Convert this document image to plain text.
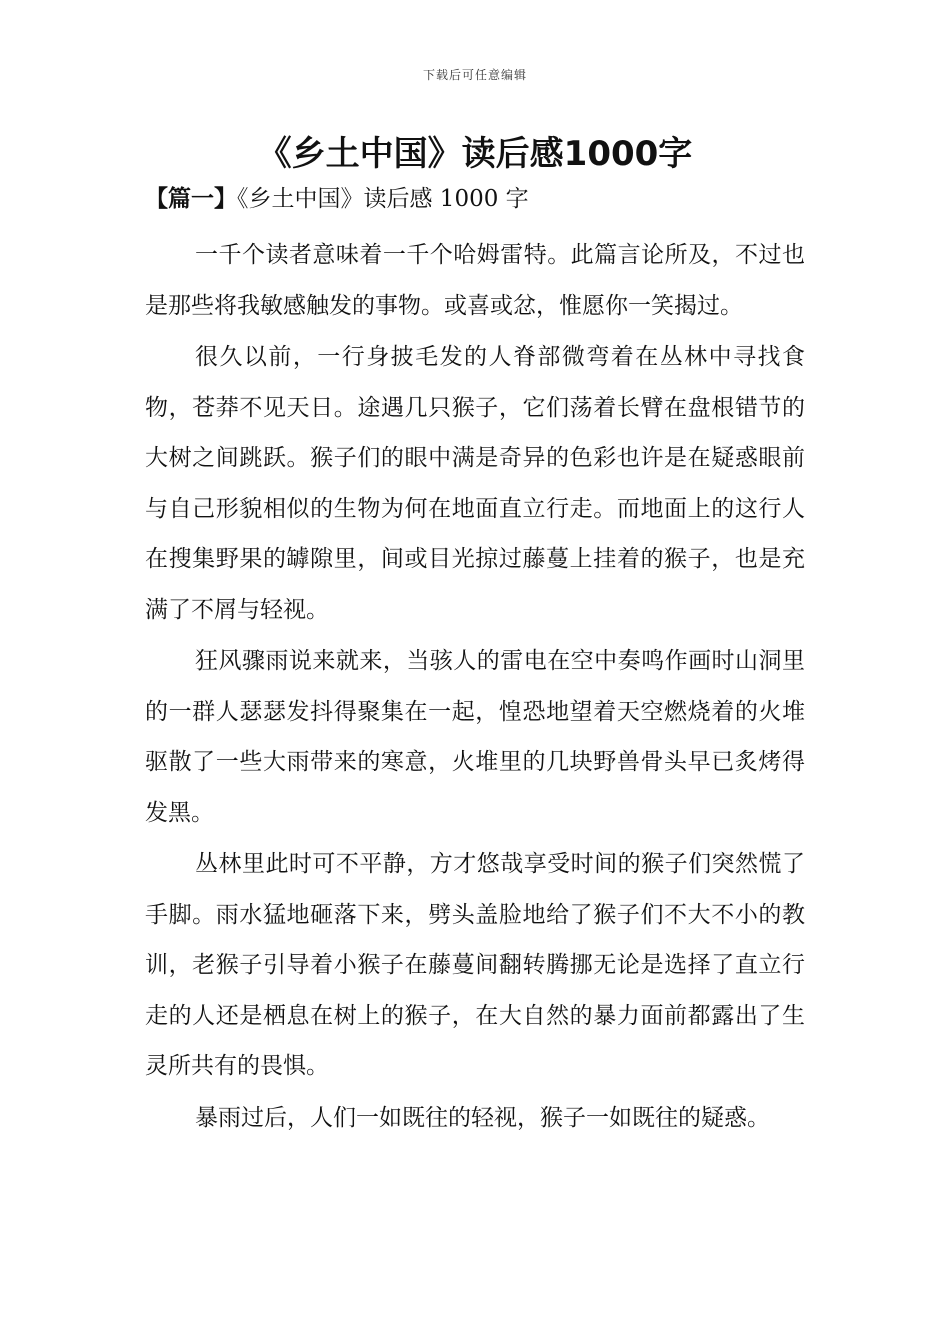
下载后可任意编辑
《乡土中国》读后感1000字

【篇一】《乡土中国》读后感 1000 字

一千个读者意味着一千个哈姆雷特。此篇言论所及，不过也是那些将我敏感触发的事物。或喜或忿，惟愿你一笑揭过。

很久以前，一行身披毛发的人脊部微弯着在丛林中寻找食物，苍莽不见天日。途遇几只猴子，它们荡着长臂在盘根错节的大树之间跳跃。猴子们的眼中满是奇异的色彩也许是在疑惑眼前与自己形貌相似的生物为何在地面直立行走。而地面上的这行人在搜集野果的罅隙里，间或目光掠过藤蔓上挂着的猴子，也是充满了不屑与轻视。

狂风骤雨说来就来，当骇人的雷电在空中奏鸣作画时山洞里的一群人瑟瑟发抖得聚集在一起，惶恐地望着天空燃烧着的火堆驱散了一些大雨带来的寒意，火堆里的几块野兽骨头早已炙烤得发黑。

丛林里此时可不平静，方才悠哉享受时间的猴子们突然慌了手脚。雨水猛地砸落下来，劈头盖脸地给了猴子们不大不小的教训，老猴子引导着小猴子在藤蔓间翻转腾挪无论是选择了直立行走的人还是栖息在树上的猴子，在大自然的暴力面前都露出了生灵所共有的畏惧。

暴雨过后，人们一如既往的轻视，猴子一如既往的疑惑。
